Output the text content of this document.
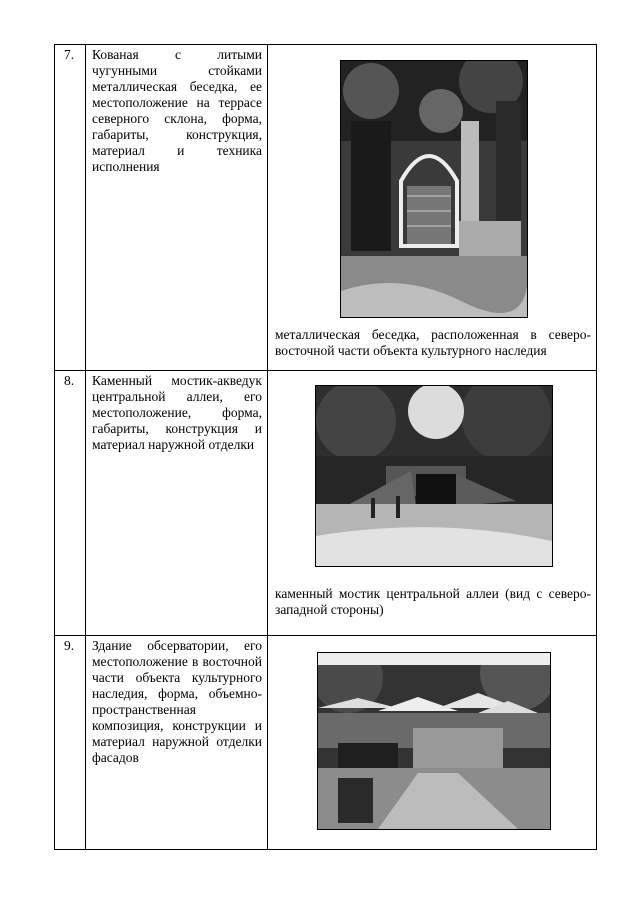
7.	Кованая с литыми чугунными стойками металлическая беседка, ее местоположение на террасе северного склона, форма, габариты, конструкция, материал и техника исполнения	металлическая беседка, расположенная в северо-восточной части объекта культурного наследия

8.	Каменный мостик-акведук центральной аллеи, его местоположение, форма, габариты, конструкция и материал наружной отделки	каменный мостик центральной аллеи (вид с северо-западной стороны)

9.	Здание обсерватории, его местоположение в восточной части объекта культурного наследия, форма, объемно-пространственная композиция, конструкции и материал наружной отделки фасадов	
